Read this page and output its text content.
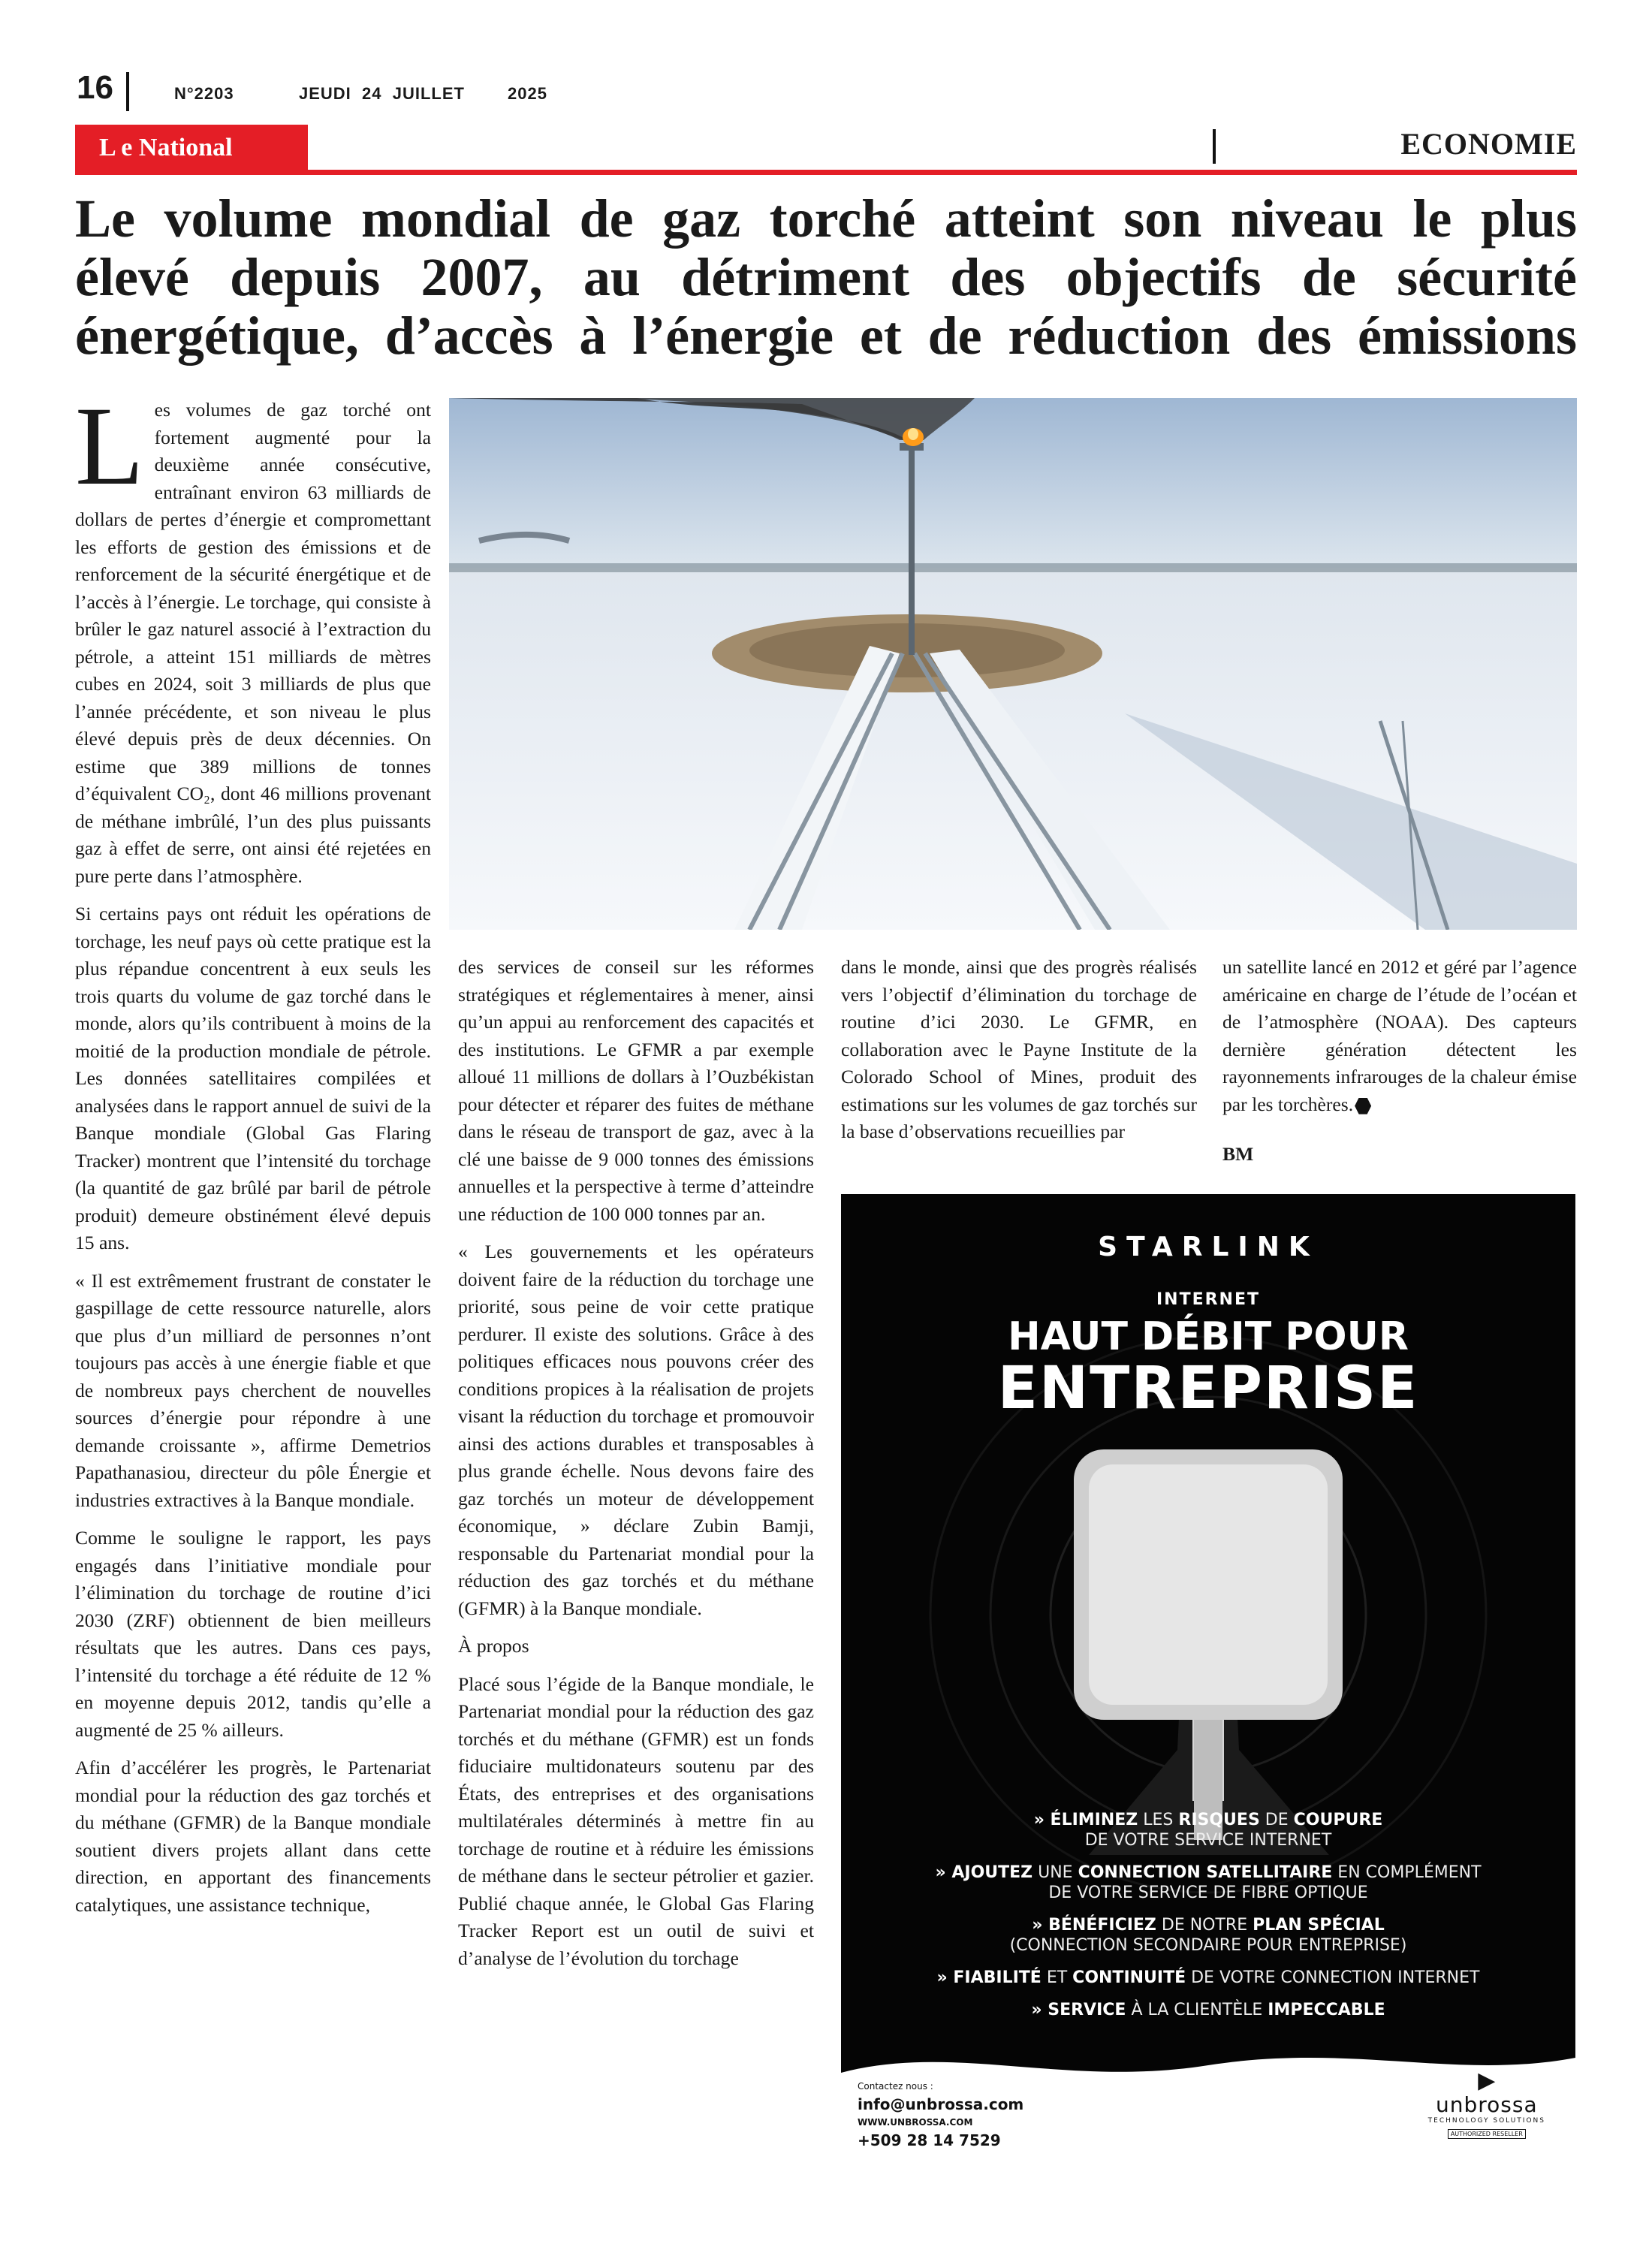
16	N°2203	JEUDI  24  JUILLET	2025
L e National	ECONOMIE
Le volume mondial de gaz torché atteint son niveau le plus
élevé depuis 2007, au détriment des objectifs de sécurité
énergétique, d’accès à l’énergie et de réduction des émissions

Les volumes de gaz torché ont fortement augmenté pour la deuxième année consécutive, entraînant environ 63 milliards de dollars de pertes d’énergie et compromettant les efforts de gestion des émissions et de renforcement de la sécurité énergétique et de l’accès à l’énergie. Le torchage, qui consiste à brûler le gaz naturel associé à l’extraction du pétrole, a atteint 151 milliards de mètres cubes en 2024, soit 3 milliards de plus que l’année précédente, et son niveau le plus élevé depuis près de deux décennies. On estime que 389 millions de tonnes d’équivalent CO₂, dont 46 millions provenant de méthane imbrûlé, l’un des plus puissants gaz à effet de serre, ont ainsi été rejetées en pure perte dans l’atmosphère.

Si certains pays ont réduit les opérations de torchage, les neuf pays où cette pratique est la plus répandue concentrent à eux seuls les trois quarts du volume de gaz torché dans le monde, alors qu’ils contribuent à moins de la moitié de la production mondiale de pétrole. Les données satellitaires compilées et analysées dans le rapport annuel de suivi de la Banque mondiale (Global Gas Flaring Tracker) montrent que l’intensité du torchage (la quantité de gaz brûlé par baril de pétrole produit) demeure obstinément élevé depuis 15 ans.

« Il est extrêmement frustrant de constater le gaspillage de cette ressource naturelle, alors que plus d’un milliard de personnes n’ont toujours pas accès à une énergie fiable et que de nombreux pays cherchent de nouvelles sources d’énergie pour répondre à une demande croissante », affirme Demetrios Papathanasiou, directeur du pôle Énergie et industries extractives à la Banque mondiale.

Comme le souligne le rapport, les pays engagés dans l’initiative mondiale pour l’élimination du torchage de routine d’ici 2030 (ZRF) obtiennent de bien meilleurs résultats que les autres. Dans ces pays, l’intensité du torchage a été réduite de 12 % en moyenne depuis 2012, tandis qu’elle a augmenté de 25 % ailleurs.

Afin d’accélérer les progrès, le Partenariat mondial pour la réduction des gaz torchés et du méthane (GFMR) de la Banque mondiale soutient divers projets allant dans cette direction, en apportant des financements catalytiques, une assistance technique,

des services de conseil sur les réformes stratégiques et réglementaires à mener, ainsi qu’un appui au renforcement des capacités et des institutions. Le GFMR a par exemple alloué 11 millions de dollars à l’Ouzbékistan pour détecter et réparer des fuites de méthane dans le réseau de transport de gaz, avec à la clé une baisse de 9 000 tonnes des émissions annuelles et la perspective à terme d’atteindre une réduction de 100 000 tonnes par an.

« Les gouvernements et les opérateurs doivent faire de la réduction du torchage une priorité, sous peine de voir cette pratique perdurer. Il existe des solutions. Grâce à des politiques efficaces nous pouvons créer des conditions propices à la réalisation de projets visant la réduction du torchage et promouvoir ainsi des actions durables et transposables à plus grande échelle. Nous devons faire des gaz torchés un moteur de développement économique, » déclare Zubin Bamji, responsable du Partenariat mondial pour la réduction des gaz torchés et du méthane (GFMR) à la Banque mondiale.

À propos

Placé sous l’égide de la Banque mondiale, le Partenariat mondial pour la réduction des gaz torchés et du méthane (GFMR) est un fonds fiduciaire multidonateurs soutenu par des États, des entreprises et des organisations multilatérales déterminés à mettre fin au torchage de routine et à réduire les émissions de méthane dans le secteur pétrolier et gazier. Publié chaque année, le Global Gas Flaring Tracker Report est un outil de suivi et d’analyse de l’évolution du torchage

dans le monde, ainsi que des progrès réalisés vers l’objectif d’élimination du torchage de routine d’ici 2030. Le GFMR, en collaboration avec le Payne Institute de la Colorado School of Mines, produit des estimations sur les volumes de gaz torchés sur la base d’observations recueillies par

un satellite lancé en 2012 et géré par l’agence américaine en charge de l’étude de l’océan et de l’atmosphère (NOAA). Des capteurs dernière génération détectent les rayonnements infrarouges de la chaleur émise par les torchères.

BM

STARLINK
INTERNET
HAUT DÉBIT POUR
ENTREPRISE
» ÉLIMINEZ LES RISQUES DE COUPURE
DE VOTRE SERVICE INTERNET
» AJOUTEZ UNE CONNECTION SATELLITAIRE EN COMPLÉMENT
DE VOTRE SERVICE DE FIBRE OPTIQUE
» BÉNÉFICIEZ DE NOTRE PLAN SPÉCIAL
(CONNECTION SECONDAIRE POUR ENTREPRISE)
» FIABILITÉ ET CONTINUITÉ DE VOTRE CONNECTION INTERNET
» SERVICE À LA CLIENTÈLE IMPECCABLE
Contactez nous :
info@unbrossa.com
WWW.UNBROSSA.COM
+509 28 14 7529
▶
unbrossa
TECHNOLOGY SOLUTIONS
AUTHORIZED RESELLER
